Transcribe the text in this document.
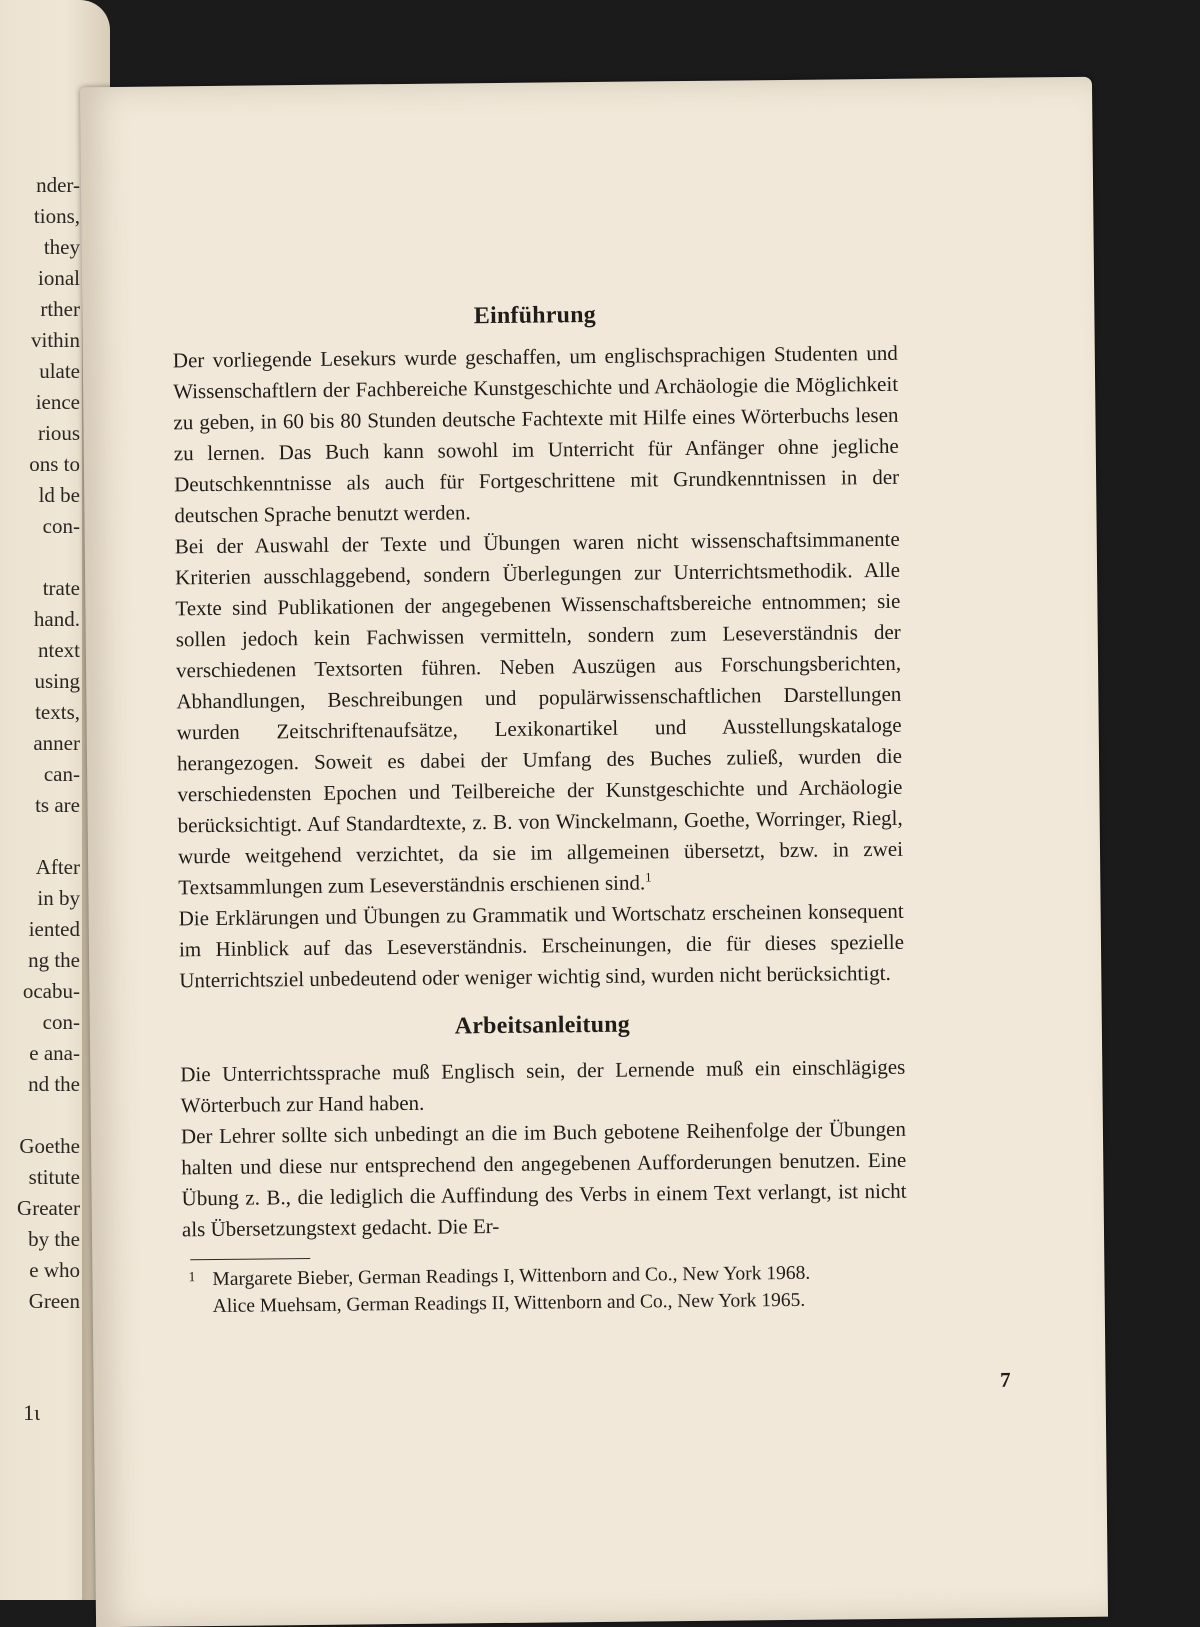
nder-
tions,
they
ional
rther
vithin
ulate
ience
rious
ons to
ld be
con-
trate
hand.
ntext
using
texts,
anner
can-
ts are
After
in by
iented
ng the
ocabu-
con-
e ana-
nd the
Goethe
stitute
Greater
by the
e who
Green
1ɩ
Einführung

Der vorliegende Lesekurs wurde geschaffen, um englischsprachigen Studenten und Wissenschaftlern der Fachbereiche Kunstgeschichte und Archäologie die Möglichkeit zu geben, in 60 bis 80 Stunden deutsche Fachtexte mit Hilfe eines Wörterbuchs lesen zu lernen. Das Buch kann sowohl im Unterricht für Anfänger ohne jegliche Deutschkenntnisse als auch für Fortgeschrittene mit Grundkenntnissen in der deutschen Sprache benutzt werden.

Bei der Auswahl der Texte und Übungen waren nicht wissenschaftsimmanente Kriterien ausschlaggebend, sondern Überlegungen zur Unterrichtsmethodik. Alle Texte sind Publikationen der angegebenen Wissenschaftsbereiche entnommen; sie sollen jedoch kein Fachwissen vermitteln, sondern zum Leseverständnis der verschiedenen Textsorten führen. Neben Auszügen aus Forschungsberichten, Abhandlungen, Beschreibungen und populärwissenschaftlichen Darstellungen wurden Zeitschriftenaufsätze, Lexikonartikel und Ausstellungskataloge herangezogen. Soweit es dabei der Umfang des Buches zuließ, wurden die verschiedensten Epochen und Teilbereiche der Kunstgeschichte und Archäologie berücksichtigt. Auf Standardtexte, z. B. von Winckelmann, Goethe, Worringer, Riegl, wurde weitgehend verzichtet, da sie im allgemeinen übersetzt, bzw. in zwei Textsammlungen zum Leseverständnis erschienen sind.$^1$

Die Erklärungen und Übungen zu Grammatik und Wortschatz erscheinen konsequent im Hinblick auf das Leseverständnis. Erscheinungen, die für dieses spezielle Unterrichtsziel unbedeutend oder weniger wichtig sind, wurden nicht berücksichtigt.

Arbeitsanleitung

Die Unterrichtssprache muß Englisch sein, der Lernende muß ein einschlägiges Wörterbuch zur Hand haben.

Der Lehrer sollte sich unbedingt an die im Buch gebotene Reihenfolge der Übungen halten und diese nur entsprechend den angegebenen Aufforderungen benutzen. Eine Übung z. B., die lediglich die Auffindung des Verbs in einem Text verlangt, ist nicht als Übersetzungstext gedacht. Die Er-

1 Margarete Bieber, German Readings I, Wittenborn and Co., New York 1968.
Alice Muehsam, German Readings II, Wittenborn and Co., New York 1965.
7
